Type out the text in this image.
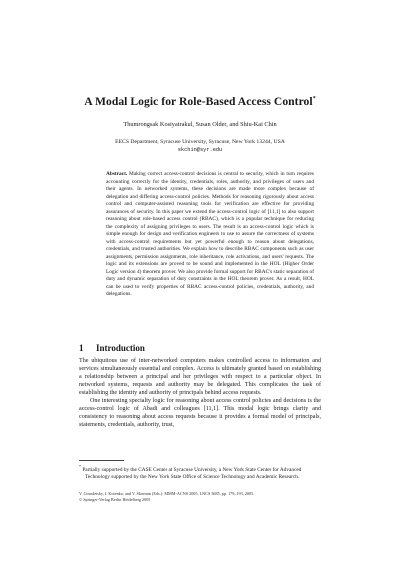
A Modal Logic for Role-Based Access Control*
Thumrongsak Kosiyatrakul, Susan Older, and Shiu-Kai Chin
EECS Department, Syracuse University, Syracuse, New York 13244, USA
skchin@syr.edu
Abstract. Making correct access-control decisions is central to security, which in turn requires accounting correctly for the identity, credentials, roles, authority, and privileges of users and their agents. In networked systems, these decisions are made more complex because of delegation and differing access-control policies. Methods for reasoning rigorously about access control and computer-assisted reasoning tools for verification are effective for providing assurances of security. In this paper we extend the access-control logic of [11,1] to also support reasoning about role-based access control (RBAC), which is a popular technique for reducing the complexity of assigning privileges to users. The result is an access-control logic which is simple enough for design and verification engineers to use to assure the correctness of systems with access-control requirements but yet powerful enough to reason about delegations, credentials, and trusted authorities. We explain how to describe RBAC components such as user assignments, permission assignments, role inheritance, role activations, and users' requests. The logic and its extensions are proved to be sound and implemented in the HOL (Higher Order Logic version 4) theorem prover. We also provide formal support for RBAC's static separation of duty and dynamic separation of duty constraints in the HOL theorem prover. As a result, HOL can be used to verify properties of RBAC access-control policies, credentials, authority, and delegations.
1 Introduction

The ubiquitous use of inter-networked computers makes controlled access to information and services simultaneously essential and complex. Access is ultimately granted based on establishing a relationship between a principal and her privileges with respect to a particular object. In networked systems, requests and authority may be delegated. This complicates the task of establishing the identity and authority of principals behind access requests.

One interesting specialty logic for reasoning about access control policies and decisions is the access-control logic of Abadi and colleagues [11,1]. This modal logic brings clarity and consistency to reasoning about access requests because it provides a formal model of principals, statements, credentials, authority, trust,

* Partially supported by the CASE Center at Syracuse University, a New York State Center for Advanced Technology supported by the New York State Office of Science Technology and Academic Research.
V. Gorodetsky, I. Kotenko, and V. Skormin (Eds.): MMM-ACNS 2005, LNCS 3685, pp. 179–193, 2005.
© Springer-Verlag Berlin Heidelberg 2005
